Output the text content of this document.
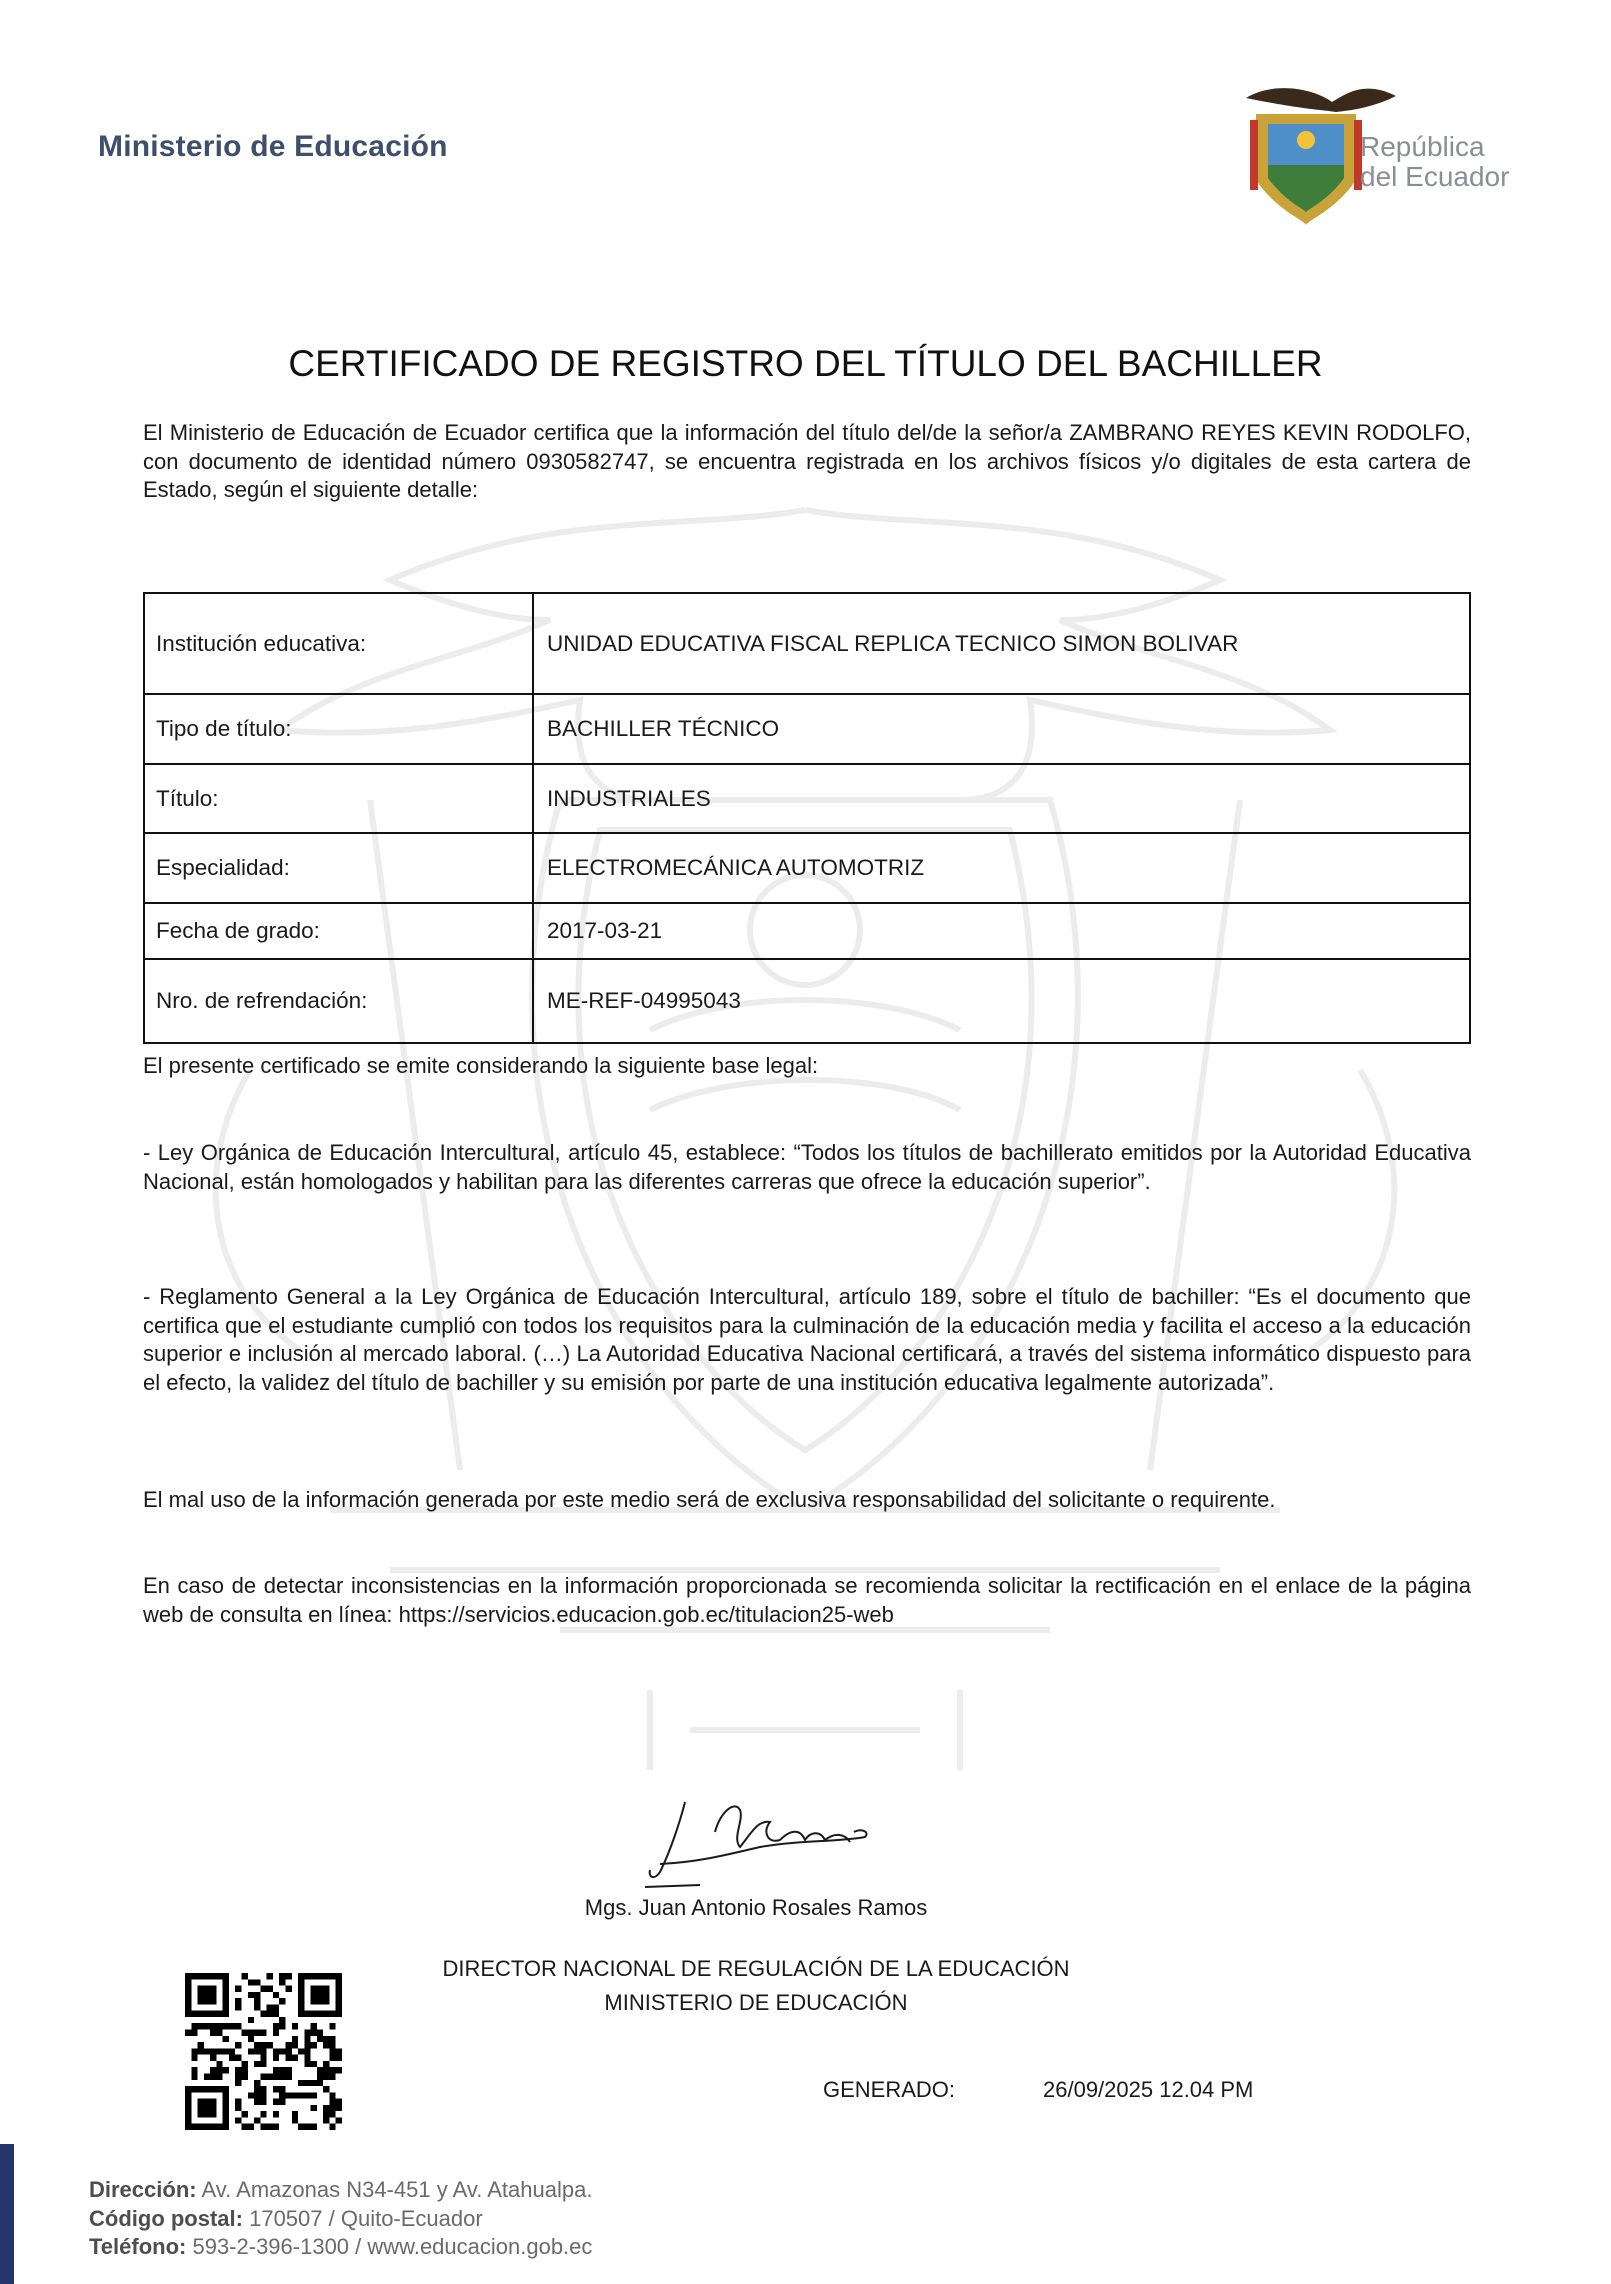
Ministerio de Educación	República
del Ecuador
CERTIFICADO DE REGISTRO DEL TÍTULO DEL BACHILLER
El Ministerio de Educación de Ecuador certifica que la información del título del/de la señor/a ZAMBRANO REYES KEVIN RODOLFO, con documento de identidad número 0930582747, se encuentra registrada en los archivos físicos y/o digitales de esta cartera de Estado, según el siguiente detalle:
Institución educativa:	UNIDAD EDUCATIVA FISCAL REPLICA TECNICO SIMON BOLIVAR
Tipo de título:	BACHILLER TÉCNICO
Título:	INDUSTRIALES
Especialidad:	ELECTROMECÁNICA AUTOMOTRIZ
Fecha de grado:	2017-03-21
Nro. de refrendación:	ME-REF-04995043
El presente certificado se emite considerando la siguiente base legal:
- Ley Orgánica de Educación Intercultural, artículo 45, establece: “Todos los títulos de bachillerato emitidos por la Autoridad Educativa Nacional, están homologados y habilitan para las diferentes carreras que ofrece la educación superior”.
- Reglamento General a la Ley Orgánica de Educación Intercultural, artículo 189, sobre el título de bachiller: “Es el documento que certifica que el estudiante cumplió con todos los requisitos para la culminación de la educación media y facilita el acceso a la educación superior e inclusión al mercado laboral. (…) La Autoridad Educativa Nacional certificará, a través del sistema informático dispuesto para el efecto, la validez del título de bachiller y su emisión por parte de una institución educativa legalmente autorizada”.
El mal uso de la información generada por este medio será de exclusiva responsabilidad del solicitante o requirente.
En caso de detectar inconsistencias en la información proporcionada se recomienda solicitar la rectificación en el enlace de la página web de consulta en línea: https://servicios.educacion.gob.ec/titulacion25-web
Mgs. Juan Antonio Rosales Ramos
DIRECTOR NACIONAL DE REGULACIÓN DE LA EDUCACIÓN
MINISTERIO DE EDUCACIÓN
GENERADO:	26/09/2025 12.04 PM
Dirección: Av. Amazonas N34-451 y Av. Atahualpa.
Código postal: 170507 / Quito-Ecuador
Teléfono: 593-2-396-1300 / www.educacion.gob.ec
